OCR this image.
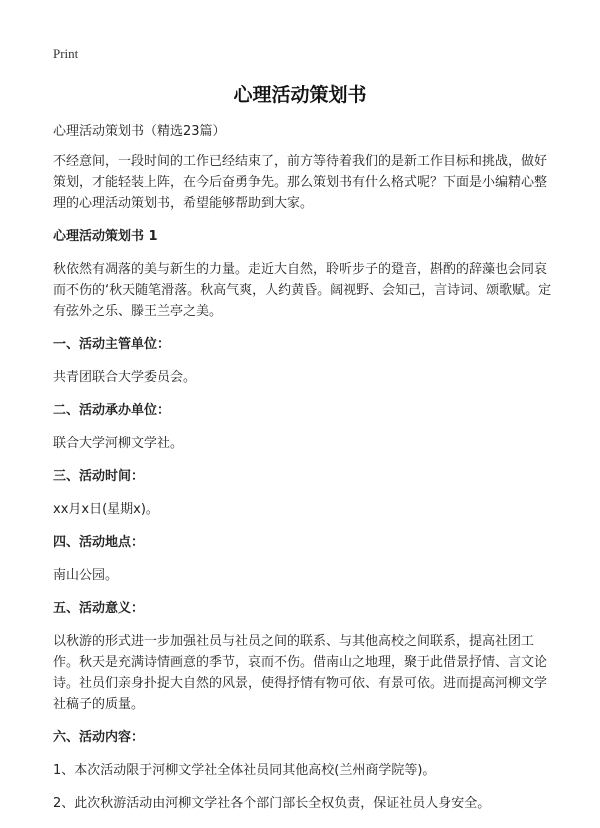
Print
心理活动策划书

心理活动策划书（精选23篇）

不经意间，一段时间的工作已经结束了，前方等待着我们的是新工作目标和挑战，做好策划，才能轻装上阵，在今后奋勇争先。那么策划书有什么格式呢？下面是小编精心整理的心理活动策划书，希望能够帮助到大家。

心理活动策划书 1

秋依然有凋落的美与新生的力量。走近大自然，聆听步子的跫音，斟酌的辞藻也会同哀而不伤的‘秋天随笔滑落。秋高气爽，人约黄昏。阔视野、会知己，言诗词、颂歌赋。定有弦外之乐、滕王兰亭之美。

一、活动主管单位：

共青团联合大学委员会。

二、活动承办单位：

联合大学河柳文学社。

三、活动时间：

xx月x日(星期x)。

四、活动地点：

南山公园。

五、活动意义：

以秋游的形式进一步加强社员与社员之间的联系、与其他高校之间联系，提高社团工作。秋天是充满诗情画意的季节，哀而不伤。借南山之地理，聚于此借景抒情、言文论诗。社员们亲身扑捉大自然的风景，使得抒情有物可依、有景可依。进而提高河柳文学社稿子的质量。

六、活动内容：

1、本次活动限于河柳文学社全体社员同其他高校(兰州商学院等)。

2、此次秋游活动由河柳文学社各个部门部长全权负责，保证社员人身安全。
